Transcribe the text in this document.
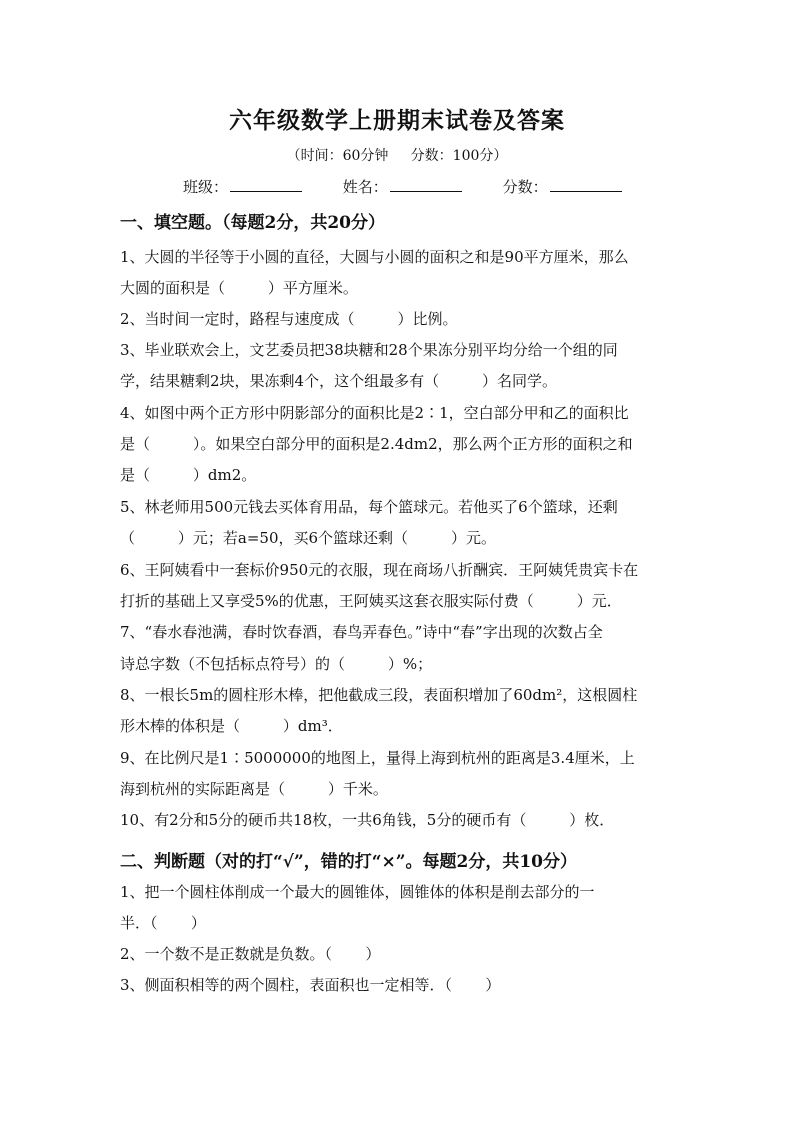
六年级数学上册期末试卷及答案
（时间：60分钟     分数：100分）
班级：	姓名：	分数：
一、填空题。（每题2分，共20分）
1、大圆的半径等于小圆的直径，大圆与小圆的面积之和是90平方厘米，那么
大圆的面积是（         ）平方厘米。
2、当时间一定时，路程与速度成（         ）比例。
3、毕业联欢会上，文艺委员把38块糖和28个果冻分别平均分给一个组的同
学，结果糖剩2块，果冻剩4个，这个组最多有（         ）名同学。
4、如图中两个正方形中阴影部分的面积比是2∶1，空白部分甲和乙的面积比
是（         ）。如果空白部分甲的面积是2.4dm2，那么两个正方形的面积之和
是（         ）dm2。
5、林老师用500元钱去买体育用品，每个篮球元。若他买了6个篮球，还剩
（         ）元；若a=50，买6个篮球还剩（         ）元。
6、王阿姨看中一套标价950元的衣服，现在商场八折酬宾．王阿姨凭贵宾卡在
打折的基础上又享受5%的优惠，王阿姨买这套衣服实际付费（         ）元．
7、“春水春池满，春时饮春酒，春鸟弄春色。”诗中“春”字出现的次数占全
诗总字数（不包括标点符号）的（         ）%；
8、一根长5m的圆柱形木棒，把他截成三段，表面积增加了60dm²，这根圆柱
形木棒的体积是（         ）dm³．
9、在比例尺是1∶5000000的地图上，量得上海到杭州的距离是3.4厘米，上
海到杭州的实际距离是（         ）千米。
10、有2分和5分的硬币共18枚，一共6角钱，5分的硬币有（         ）枚．
二、判断题（对的打“√”，错的打“×”。每题2分，共10分）
1、把一个圆柱体削成一个最大的圆锥体，圆锥体的体积是削去部分的一
半．（       ）
2、一个数不是正数就是负数。（       ）
3、侧面积相等的两个圆柱，表面积也一定相等．（       ）
